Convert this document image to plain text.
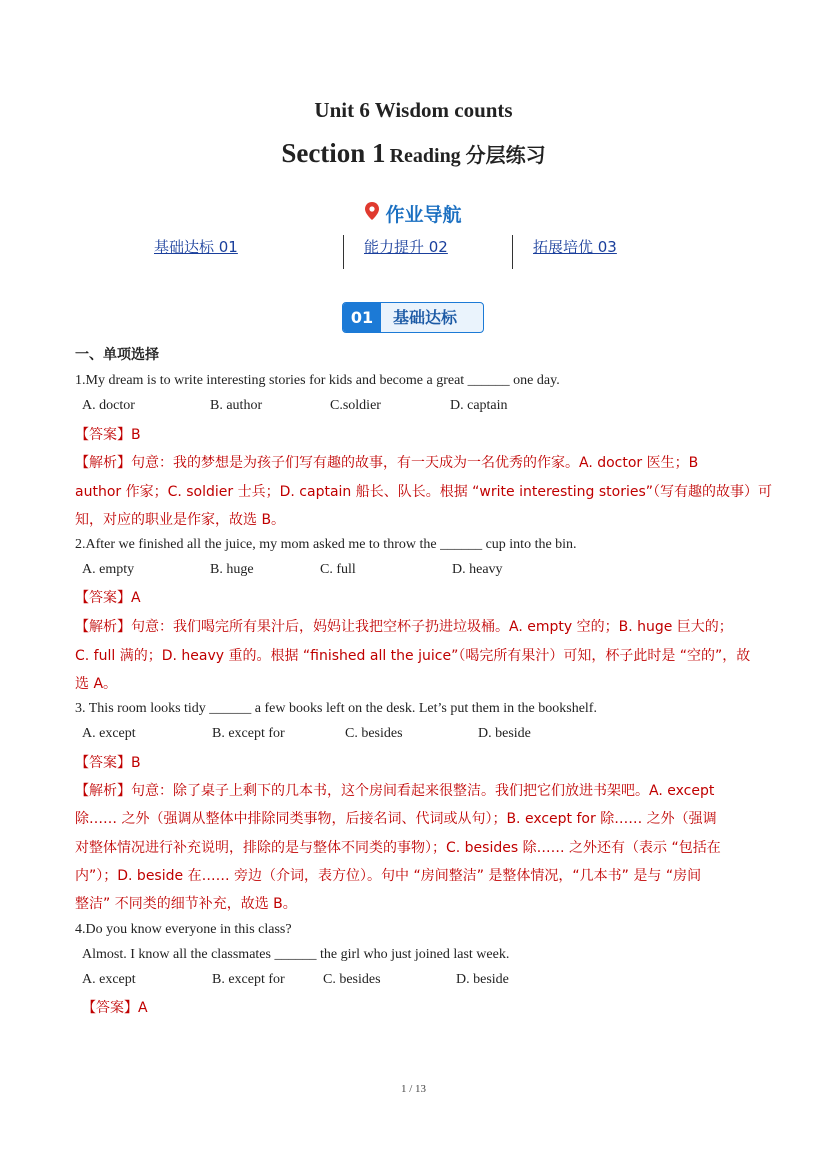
Unit 6 Wisdom counts
Section 1 Reading 分层练习
作业导航
基础达标 01	能力提升 02	拓展培优 03
01	基础达标
一、单项选择
1.My dream is to write interesting stories for kids and become a great ______ one day.
A. doctor	B. author	C.soldier	D. captain
【答案】B
【解析】句意：我的梦想是为孩子们写有趣的故事，有一天成为一名优秀的作家。A. doctor 医生；B
author 作家；C. soldier 士兵；D. captain 船长、队长。根据 “write interesting stories”（写有趣的故事）可
知，对应的职业是作家，故选 B。
2.After we finished all the juice, my mom asked me to throw the ______ cup into the bin.
A. empty	B. huge	C. full	D. heavy
【答案】A
【解析】句意：我们喝完所有果汁后，妈妈让我把空杯子扔进垃圾桶。A. empty 空的；B. huge 巨大的；
C. full 满的；D. heavy 重的。根据 “finished all the juice”（喝完所有果汁）可知，杯子此时是 “空的”，故
选 A。
3. This room looks tidy ______ a few books left on the desk. Let’s put them in the bookshelf.
A. except	B. except for	C. besides	D. beside
【答案】B
【解析】句意：除了桌子上剩下的几本书，这个房间看起来很整洁。我们把它们放进书架吧。A. except
除…… 之外（强调从整体中排除同类事物，后接名词、代词或从句）；B. except for 除…… 之外（强调
对整体情况进行补充说明，排除的是与整体不同类的事物）；C. besides 除…… 之外还有（表示 “包括在
内”）；D. beside 在…… 旁边（介词，表方位）。句中 “房间整洁” 是整体情况，“几本书” 是与 “房间
整洁” 不同类的细节补充，故选 B。
4.Do you know everyone in this class?
Almost. I know all the classmates ______ the girl who just joined last week.
A. except	B. except for	C. besides	D. beside
【答案】A
1 / 13
